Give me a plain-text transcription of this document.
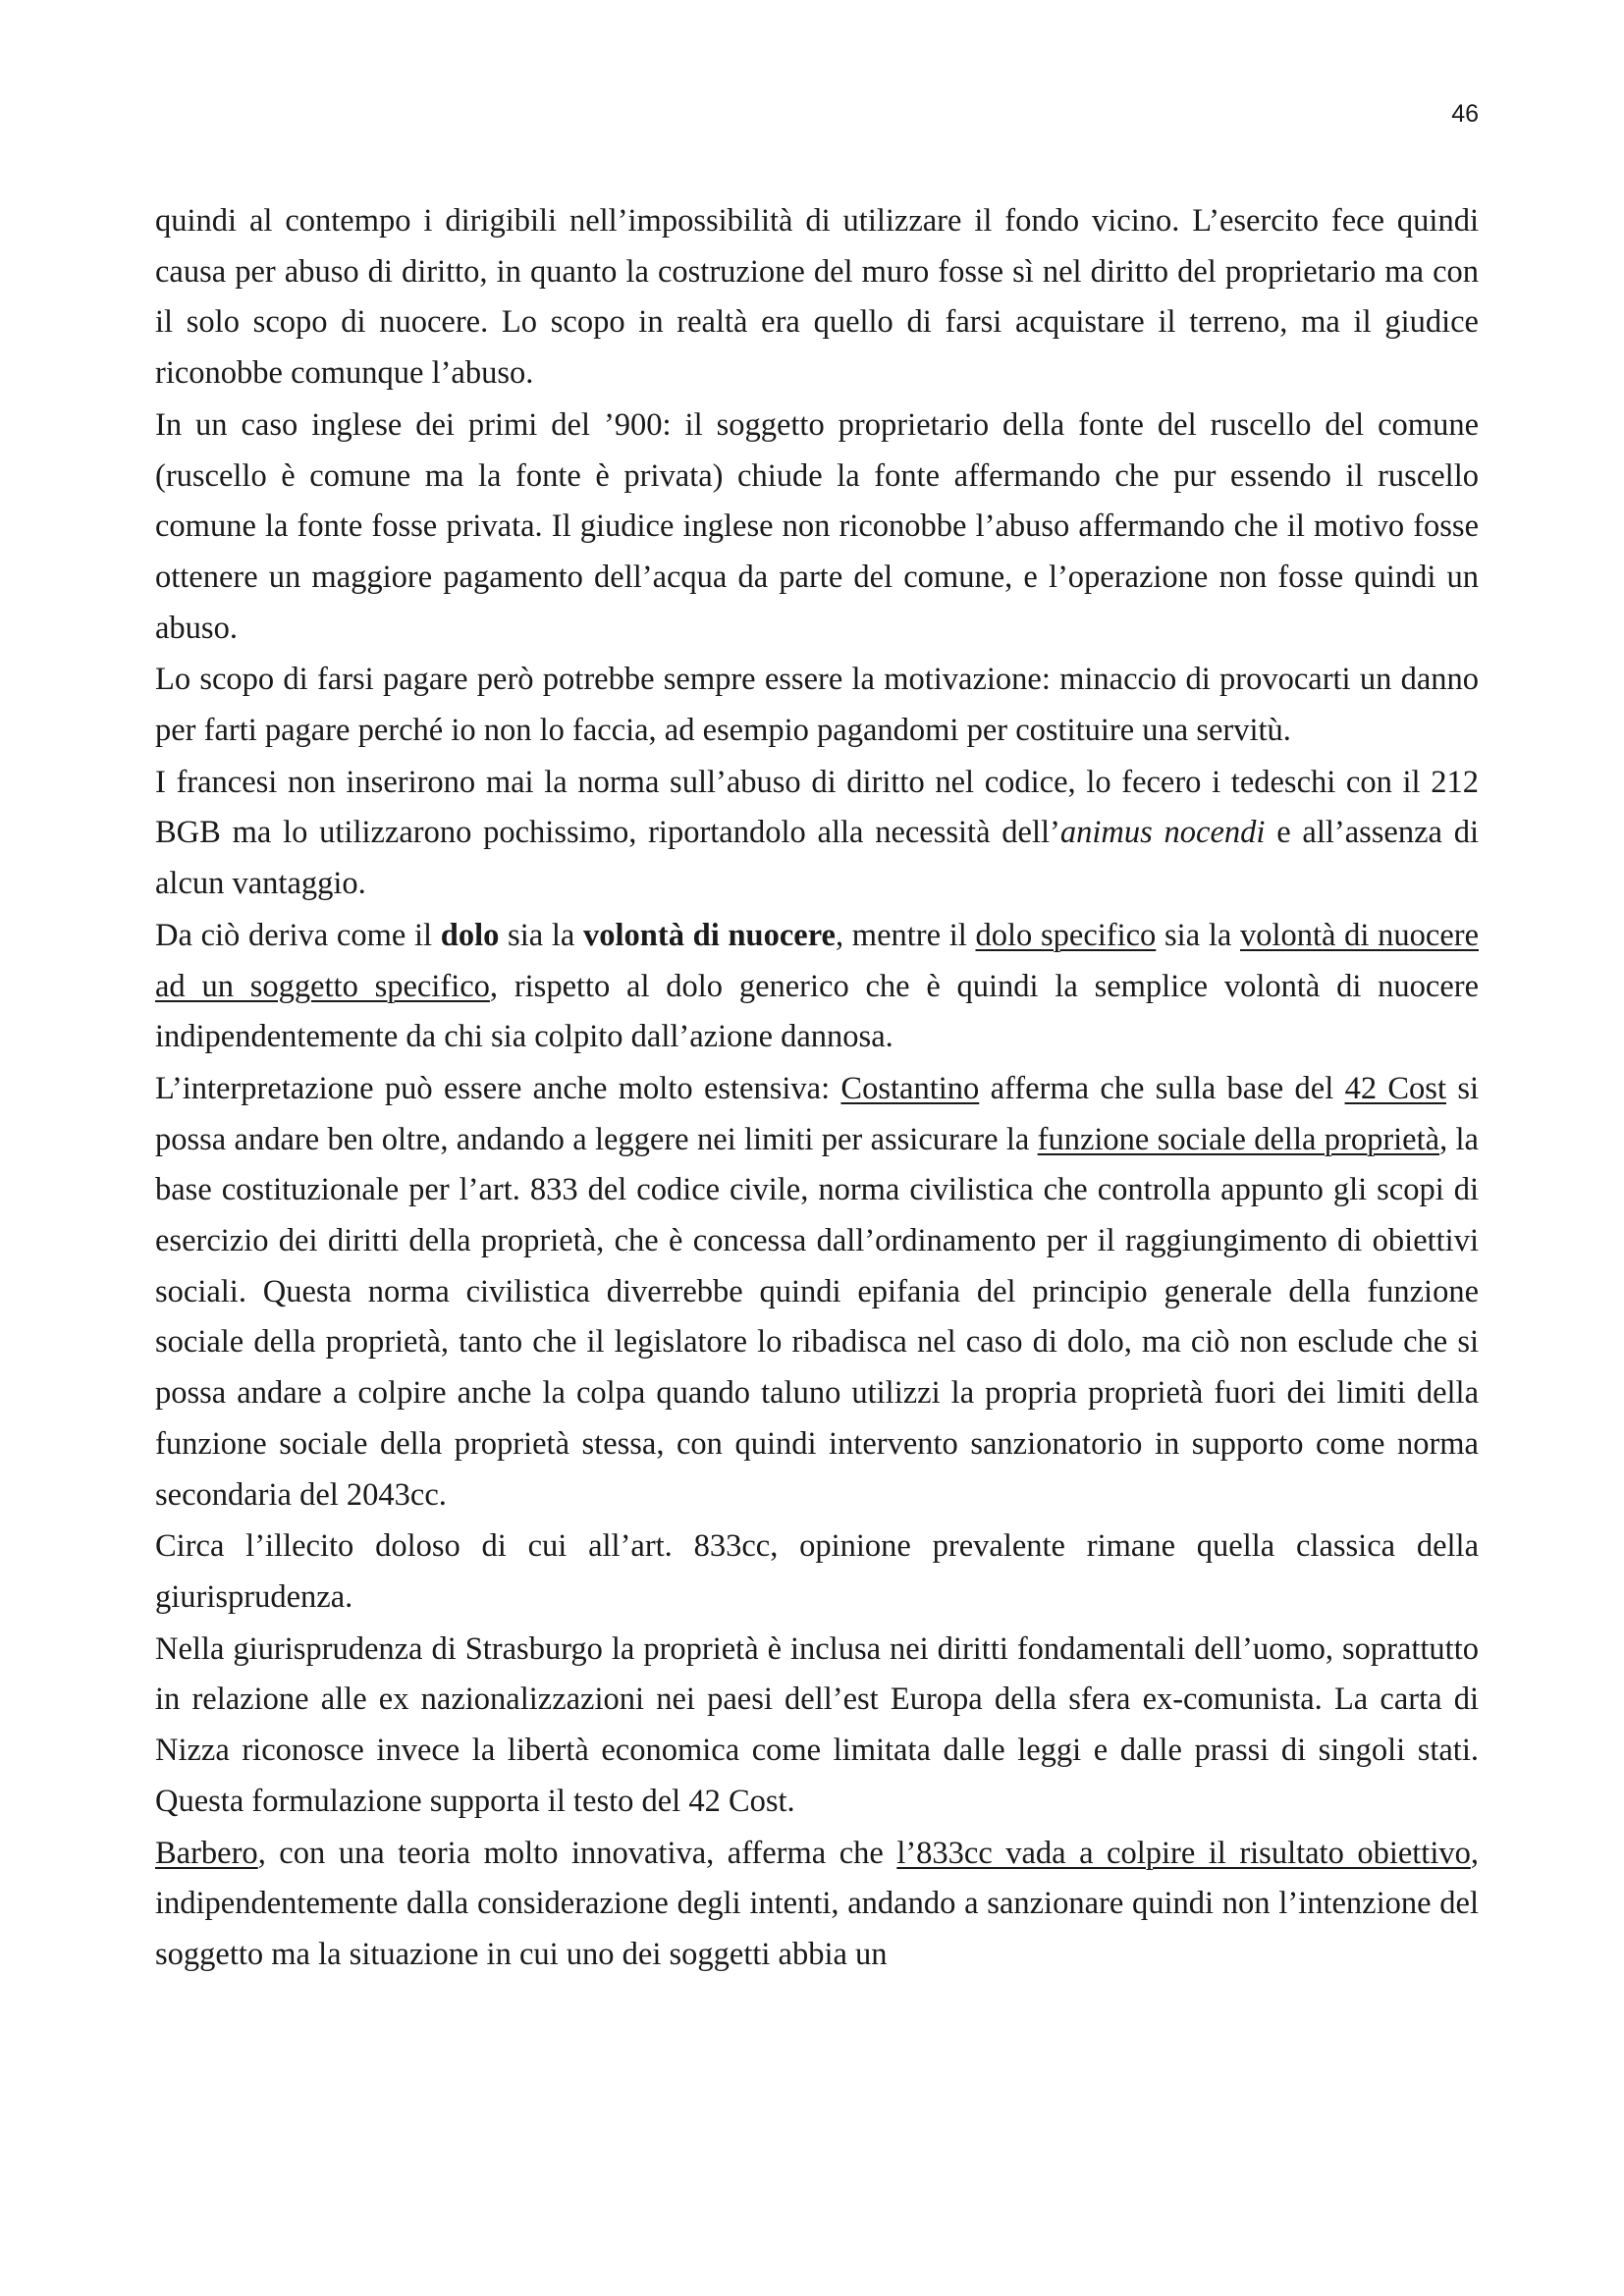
46

quindi al contempo i dirigibili nell’impossibilità di utilizzare il fondo vicino. L’esercito fece quindi causa per abuso di diritto, in quanto la costruzione del muro fosse sì nel diritto del proprietario ma con il solo scopo di nuocere. Lo scopo in realtà era quello di farsi acquistare il terreno, ma il giudice riconobbe comunque l’abuso.

In un caso inglese dei primi del ’900: il soggetto proprietario della fonte del ruscello del comune (ruscello è comune ma la fonte è privata) chiude la fonte affermando che pur essendo il ruscello comune la fonte fosse privata. Il giudice inglese non riconobbe l’abuso affermando che il motivo fosse ottenere un maggiore pagamento dell’acqua da parte del comune, e l’operazione non fosse quindi un abuso.

Lo scopo di farsi pagare però potrebbe sempre essere la motivazione: minaccio di provocarti un danno per farti pagare perché io non lo faccia, ad esempio pagandomi per costituire una servitù.

I francesi non inserirono mai la norma sull’abuso di diritto nel codice, lo fecero i tedeschi con il 212 BGB ma lo utilizzarono pochissimo, riportandolo alla necessità dell’animus nocendi e all’assenza di alcun vantaggio.

Da ciò deriva come il dolo sia la volontà di nuocere, mentre il dolo specifico sia la volontà di nuocere ad un soggetto specifico, rispetto al dolo generico che è quindi la semplice volontà di nuocere indipendentemente da chi sia colpito dall’azione dannosa.

L’interpretazione può essere anche molto estensiva: Costantino afferma che sulla base del 42 Cost si possa andare ben oltre, andando a leggere nei limiti per assicurare la funzione sociale della proprietà, la base costituzionale per l’art. 833 del codice civile, norma civilistica che controlla appunto gli scopi di esercizio dei diritti della proprietà, che è concessa dall’ordinamento per il raggiungimento di obiettivi sociali. Questa norma civilistica diverrebbe quindi epifania del principio generale della funzione sociale della proprietà, tanto che il legislatore lo ribadisca nel caso di dolo, ma ciò non esclude che si possa andare a colpire anche la colpa quando taluno utilizzi la propria proprietà fuori dei limiti della funzione sociale della proprietà stessa, con quindi intervento sanzionatorio in supporto come norma secondaria del 2043cc.

Circa l’illecito doloso di cui all’art. 833cc, opinione prevalente rimane quella classica della giurisprudenza.

Nella giurisprudenza di Strasburgo la proprietà è inclusa nei diritti fondamentali dell’uomo, soprattutto in relazione alle ex nazionalizzazioni nei paesi dell’est Europa della sfera ex-comunista. La carta di Nizza riconosce invece la libertà economica come limitata dalle leggi e dalle prassi di singoli stati. Questa formulazione supporta il testo del 42 Cost.

Barbero, con una teoria molto innovativa, afferma che l’833cc vada a colpire il risultato obiettivo, indipendentemente dalla considerazione degli intenti, andando a sanzionare quindi non l’intenzione del soggetto ma la situazione in cui uno dei soggetti abbia un
